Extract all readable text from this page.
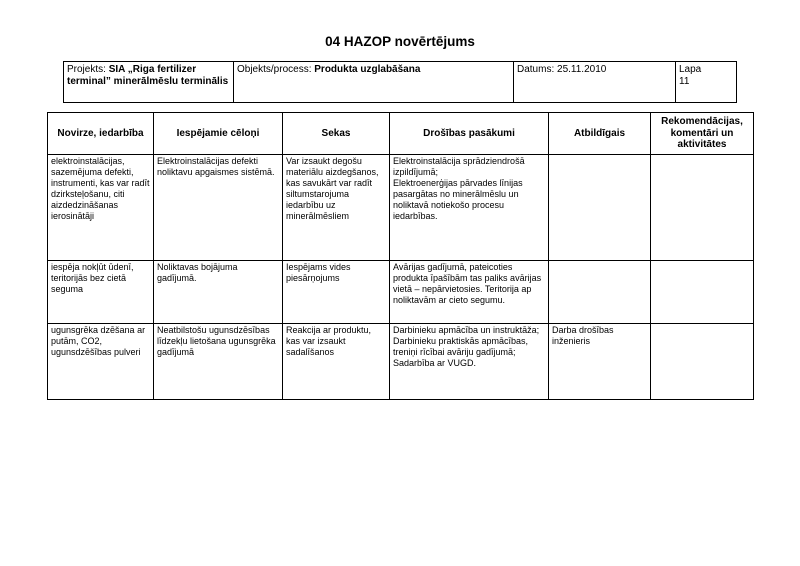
04 HAZOP novērtējums
Projekts: SIA „Riga fertilizer terminal” minerālmēslu terminālis	Objekts/process: Produkta uzglabāšana	Datums: 25.11.2010	Lapa
11
Novirze, iedarbība	Iespējamie cēloņi	Sekas	Drošības pasākumi	Atbildīgais	Rekomendācijas, komentāri un aktivitātes
elektroinstalācijas, sazemējuma defekti, instrumenti, kas var radīt dzirksteļošanu, citi aizdedzināšanas ierosinātāji	Elektroinstalācijas defekti noliktavu apgaismes sistēmā.	Var izsaukt degošu materiālu aizdegšanos, kas savukārt var radīt siltumstarojuma iedarbību uz minerālmēsliem	Elektroinstalācija sprādziendrošā izpildījumā;
Elektroenerģijas pārvades līnijas pasargātas no minerālmēslu un noliktavā notiekošo procesu iedarbības.		
iespēja nokļūt ūdenī, teritorijās bez cietā seguma	Noliktavas bojājuma gadījumā.	Iespējams vides piesārņojums	Avārijas gadījumā, pateicoties produkta īpašībām tas paliks avārijas vietā – nepārvietosies. Teritorija ap noliktavām ar cieto segumu.		
ugunsgrēka dzēšana ar putām, CO2, ugunsdzēšības pulveri	Neatbilstošu ugunsdzēsības līdzekļu lietošana ugunsgrēka gadījumā	Reakcija ar produktu, kas var izsaukt sadalīšanos	Darbinieku apmācība un instruktāža;
Darbinieku praktiskās apmācības, treniņi rīcībai avāriju gadījumā;
Sadarbība ar VUGD.	Darba drošības inženieris	
